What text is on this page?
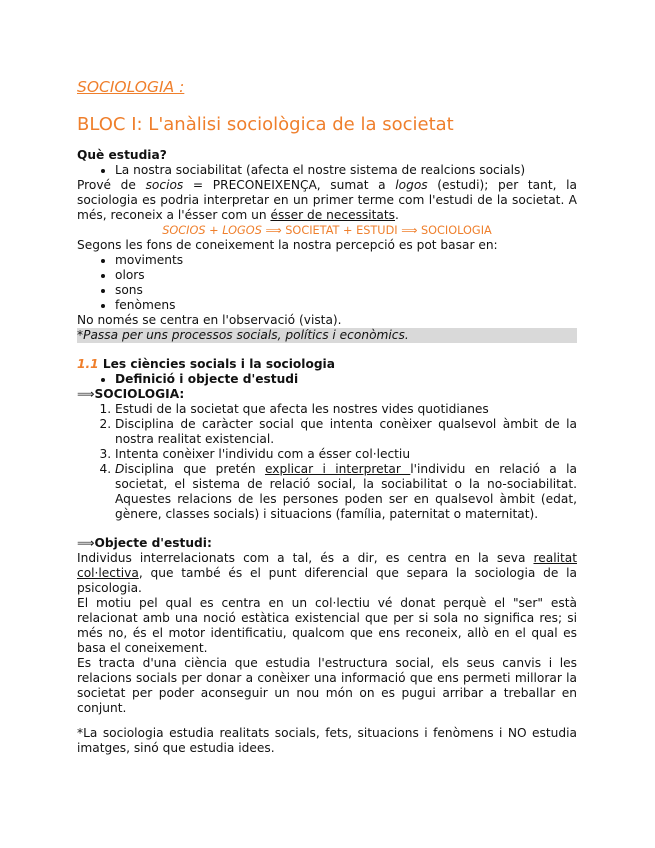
SOCIOLOGIA :
BLOC I: L'anàlisi sociològica de la societat
Què estudia?
• La nostra sociabilitat (afecta el nostre sistema de realcions socials)
Prové de socios = PRECONEIXENÇA, sumat a logos (estudi); per tant, la sociologia es podria interpretar en un primer terme com l'estudi de la societat. A més, reconeix a l'ésser com un ésser de necessitats.
SOCIOS + LOGOS ⟹ SOCIETAT + ESTUDI ⟹ SOCIOLOGIA
Segons les fons de coneixement la nostra percepció es pot basar en:
• moviments
• olors
• sons
• fenòmens
No només se centra en l'observació (vista).
*Passa per uns processos socials, polítics i econòmics.
1.1 Les ciències socials i la sociologia
• Definició i objecte d'estudi
⟹SOCIOLOGIA:
1. Estudi de la societat que afecta les nostres vides quotidianes
2. Disciplina de caràcter social que intenta conèixer qualsevol àmbit de la nostra realitat existencial.
3. Intenta conèixer l'individu com a ésser col·lectiu
4. Disciplina que pretén explicar i interpretar l'individu en relació a la societat, el sistema de relació social, la sociabilitat o la no-sociabilitat. Aquestes relacions de les persones poden ser en qualsevol àmbit (edat, gènere, classes socials) i situacions (família, paternitat o maternitat).
⟹Objecte d'estudi:
Individus interrelacionats com a tal, és a dir, es centra en la seva realitat col·lectiva, que també és el punt diferencial que separa la sociologia de la psicologia.
El motiu pel qual es centra en un col·lectiu vé donat perquè el "ser" està relacionat amb una noció estàtica existencial que per si sola no significa res; si més no, és el motor identificatiu, qualcom que ens reconeix, allò en el qual es basa el coneixement.
Es tracta d'una ciència que estudia l'estructura social, els seus canvis i les relacions socials per donar a conèixer una informació que ens permeti millorar la societat per poder aconseguir un nou món on es pugui arribar a treballar en conjunt.
*La sociologia estudia realitats socials, fets, situacions i fenòmens i NO estudia imatges, sinó que estudia idees.
